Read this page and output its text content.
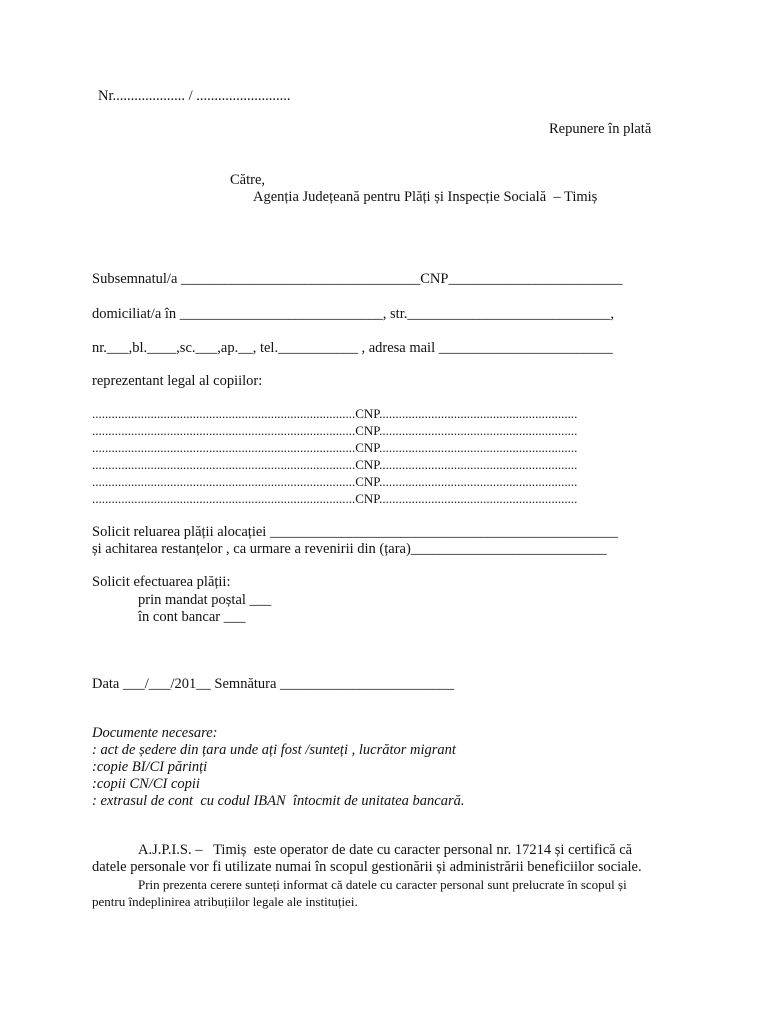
Nr.................... / ..........................
Repunere în plată
Către,
Agenția Județeană pentru Plăți și Inspecție Socială  – Timiș
Subsemnatul/a _________________________________CNP________________________
domiciliat/a în ____________________________, str.____________________________,
nr.___,bl.____,sc.___,ap.__, tel.___________ , adresa mail ________________________
reprezentant legal al copiilor:
.................................................................................CNP.............................................................
.................................................................................CNP.............................................................
.................................................................................CNP.............................................................
.................................................................................CNP.............................................................
.................................................................................CNP.............................................................
.................................................................................CNP.............................................................
Solicit reluarea plății alocației ________________________________________________
și achitarea restanțelor , ca urmare a revenirii din (țara)___________________________
Solicit efectuarea plății:
prin mandat poștal ___
în cont bancar ___
Data ___/___/201__ Semnătura ________________________
Documente necesare:
: act de ședere din țara unde ați fost /sunteți , lucrător migrant
:copie BI/CI părinți
:copii CN/CI copii
: extrasul de cont  cu codul IBAN  întocmit de unitatea bancară.
A.J.P.I.S. –   Timiș  este operator de date cu caracter personal nr. 17214 și certifică că
datele personale vor fi utilizate numai în scopul gestionării și administrării beneficiilor sociale.
Prin prezenta cerere sunteți informat că datele cu caracter personal sunt prelucrate în scopul și
pentru îndeplinirea atribuțiilor legale ale instituției.
